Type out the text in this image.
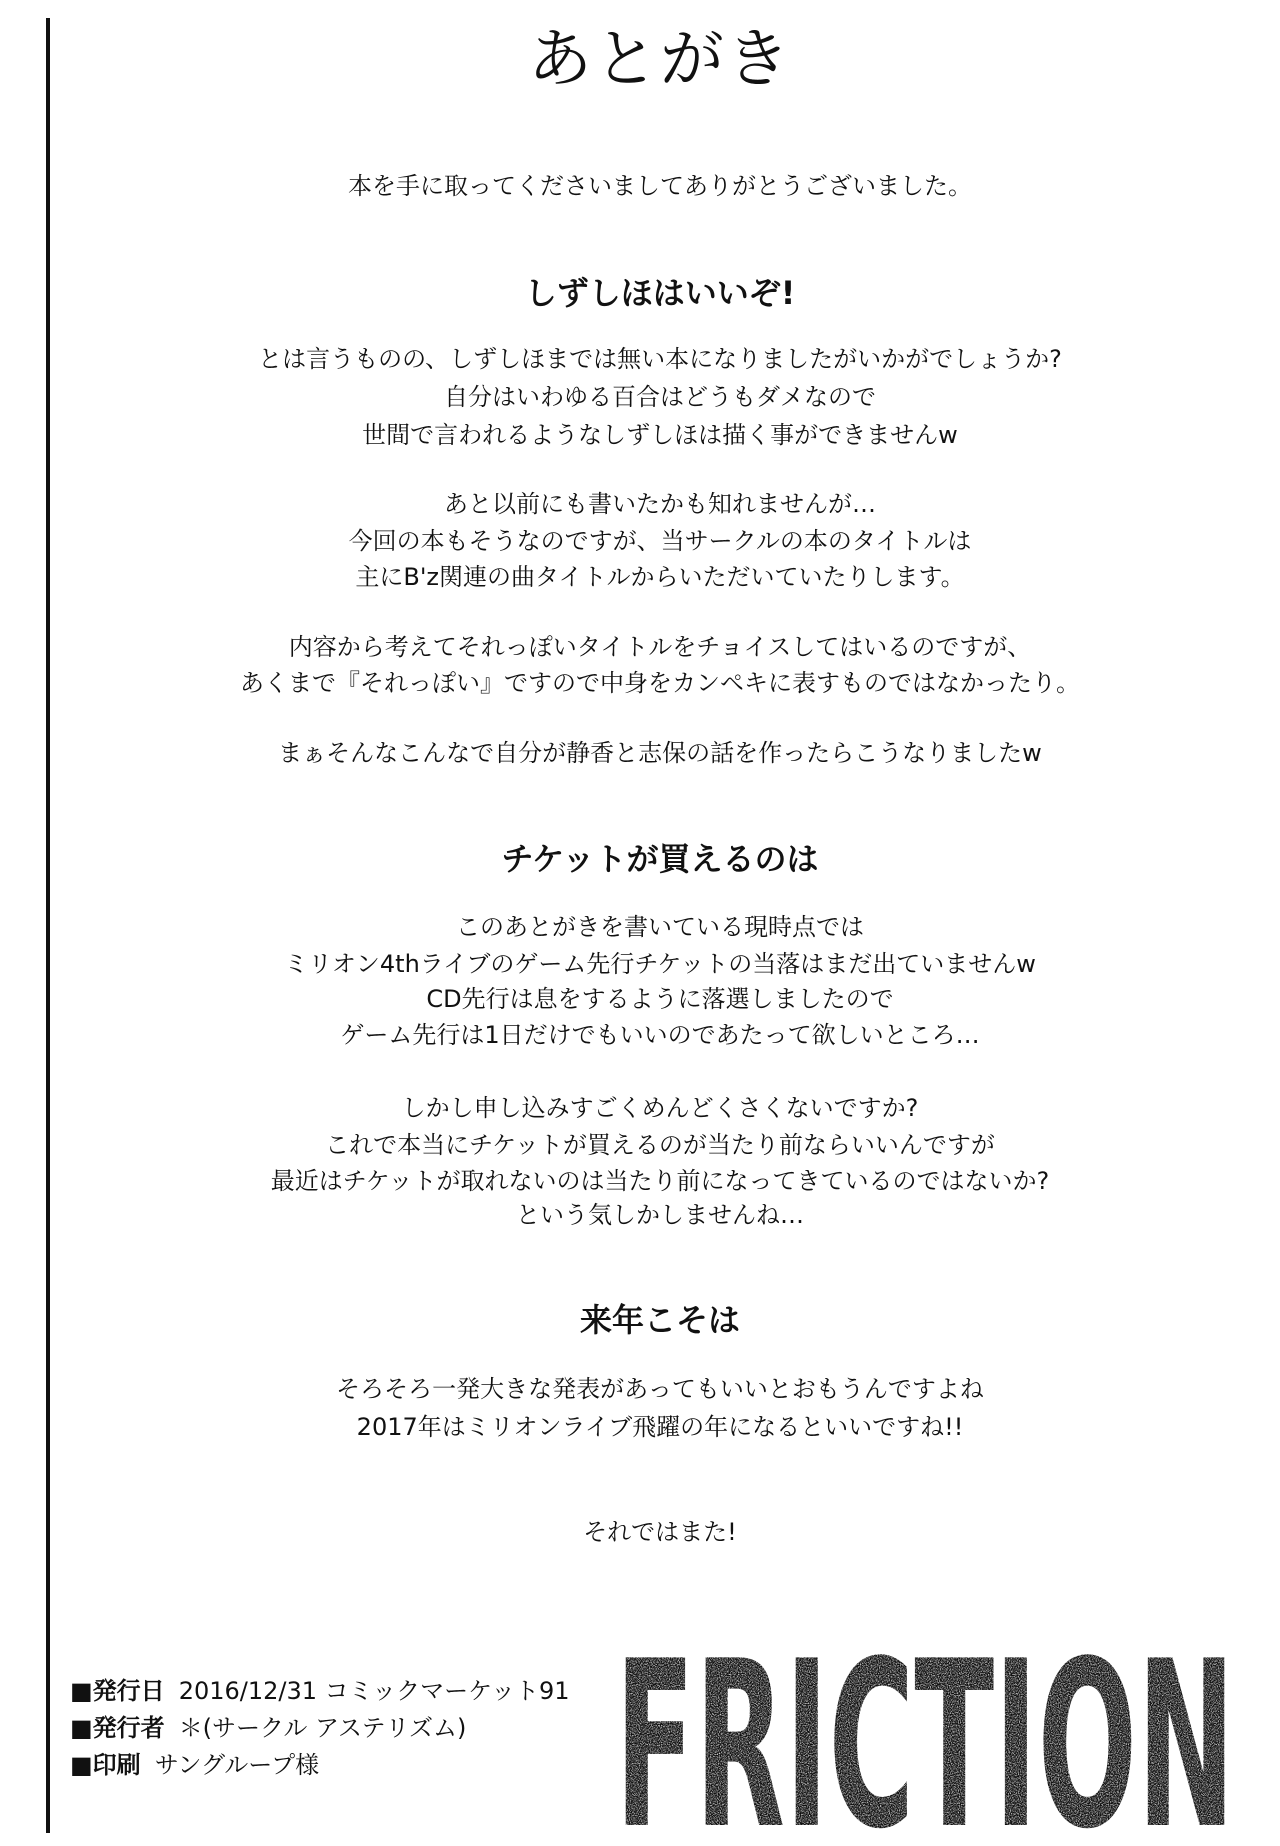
あとがき
本を手に取ってくださいましてありがとうございました。
しずしほはいいぞ!
とは言うものの、しずしほまでは無い本になりましたがいかがでしょうか?
自分はいわゆる百合はどうもダメなので
世間で言われるようなしずしほは描く事ができませんw
あと以前にも書いたかも知れませんが…
今回の本もそうなのですが、当サークルの本のタイトルは
主にB'z関連の曲タイトルからいただいていたりします。
内容から考えてそれっぽいタイトルをチョイスしてはいるのですが、
あくまで『それっぽい』ですので中身をカンペキに表すものではなかったり。
まぁそんなこんなで自分が静香と志保の話を作ったらこうなりましたw
チケットが買えるのは
このあとがきを書いている現時点では
ミリオン4thライブのゲーム先行チケットの当落はまだ出ていませんw
CD先行は息をするように落選しましたので
ゲーム先行は1日だけでもいいのであたって欲しいところ…
しかし申し込みすごくめんどくさくないですか?
これで本当にチケットが買えるのが当たり前ならいいんですが
最近はチケットが取れないのは当たり前になってきているのではないか?
という気しかしませんね…
来年こそは
そろそろ一発大きな発表があってもいいとおもうんですよね
2017年はミリオンライブ飛躍の年になるといいですね!!
それではまた!
■発行日 2016/12/31 コミックマーケット91
■発行者 ＊(サークル アステリズム)
■印刷 サングループ様	FRICTION
